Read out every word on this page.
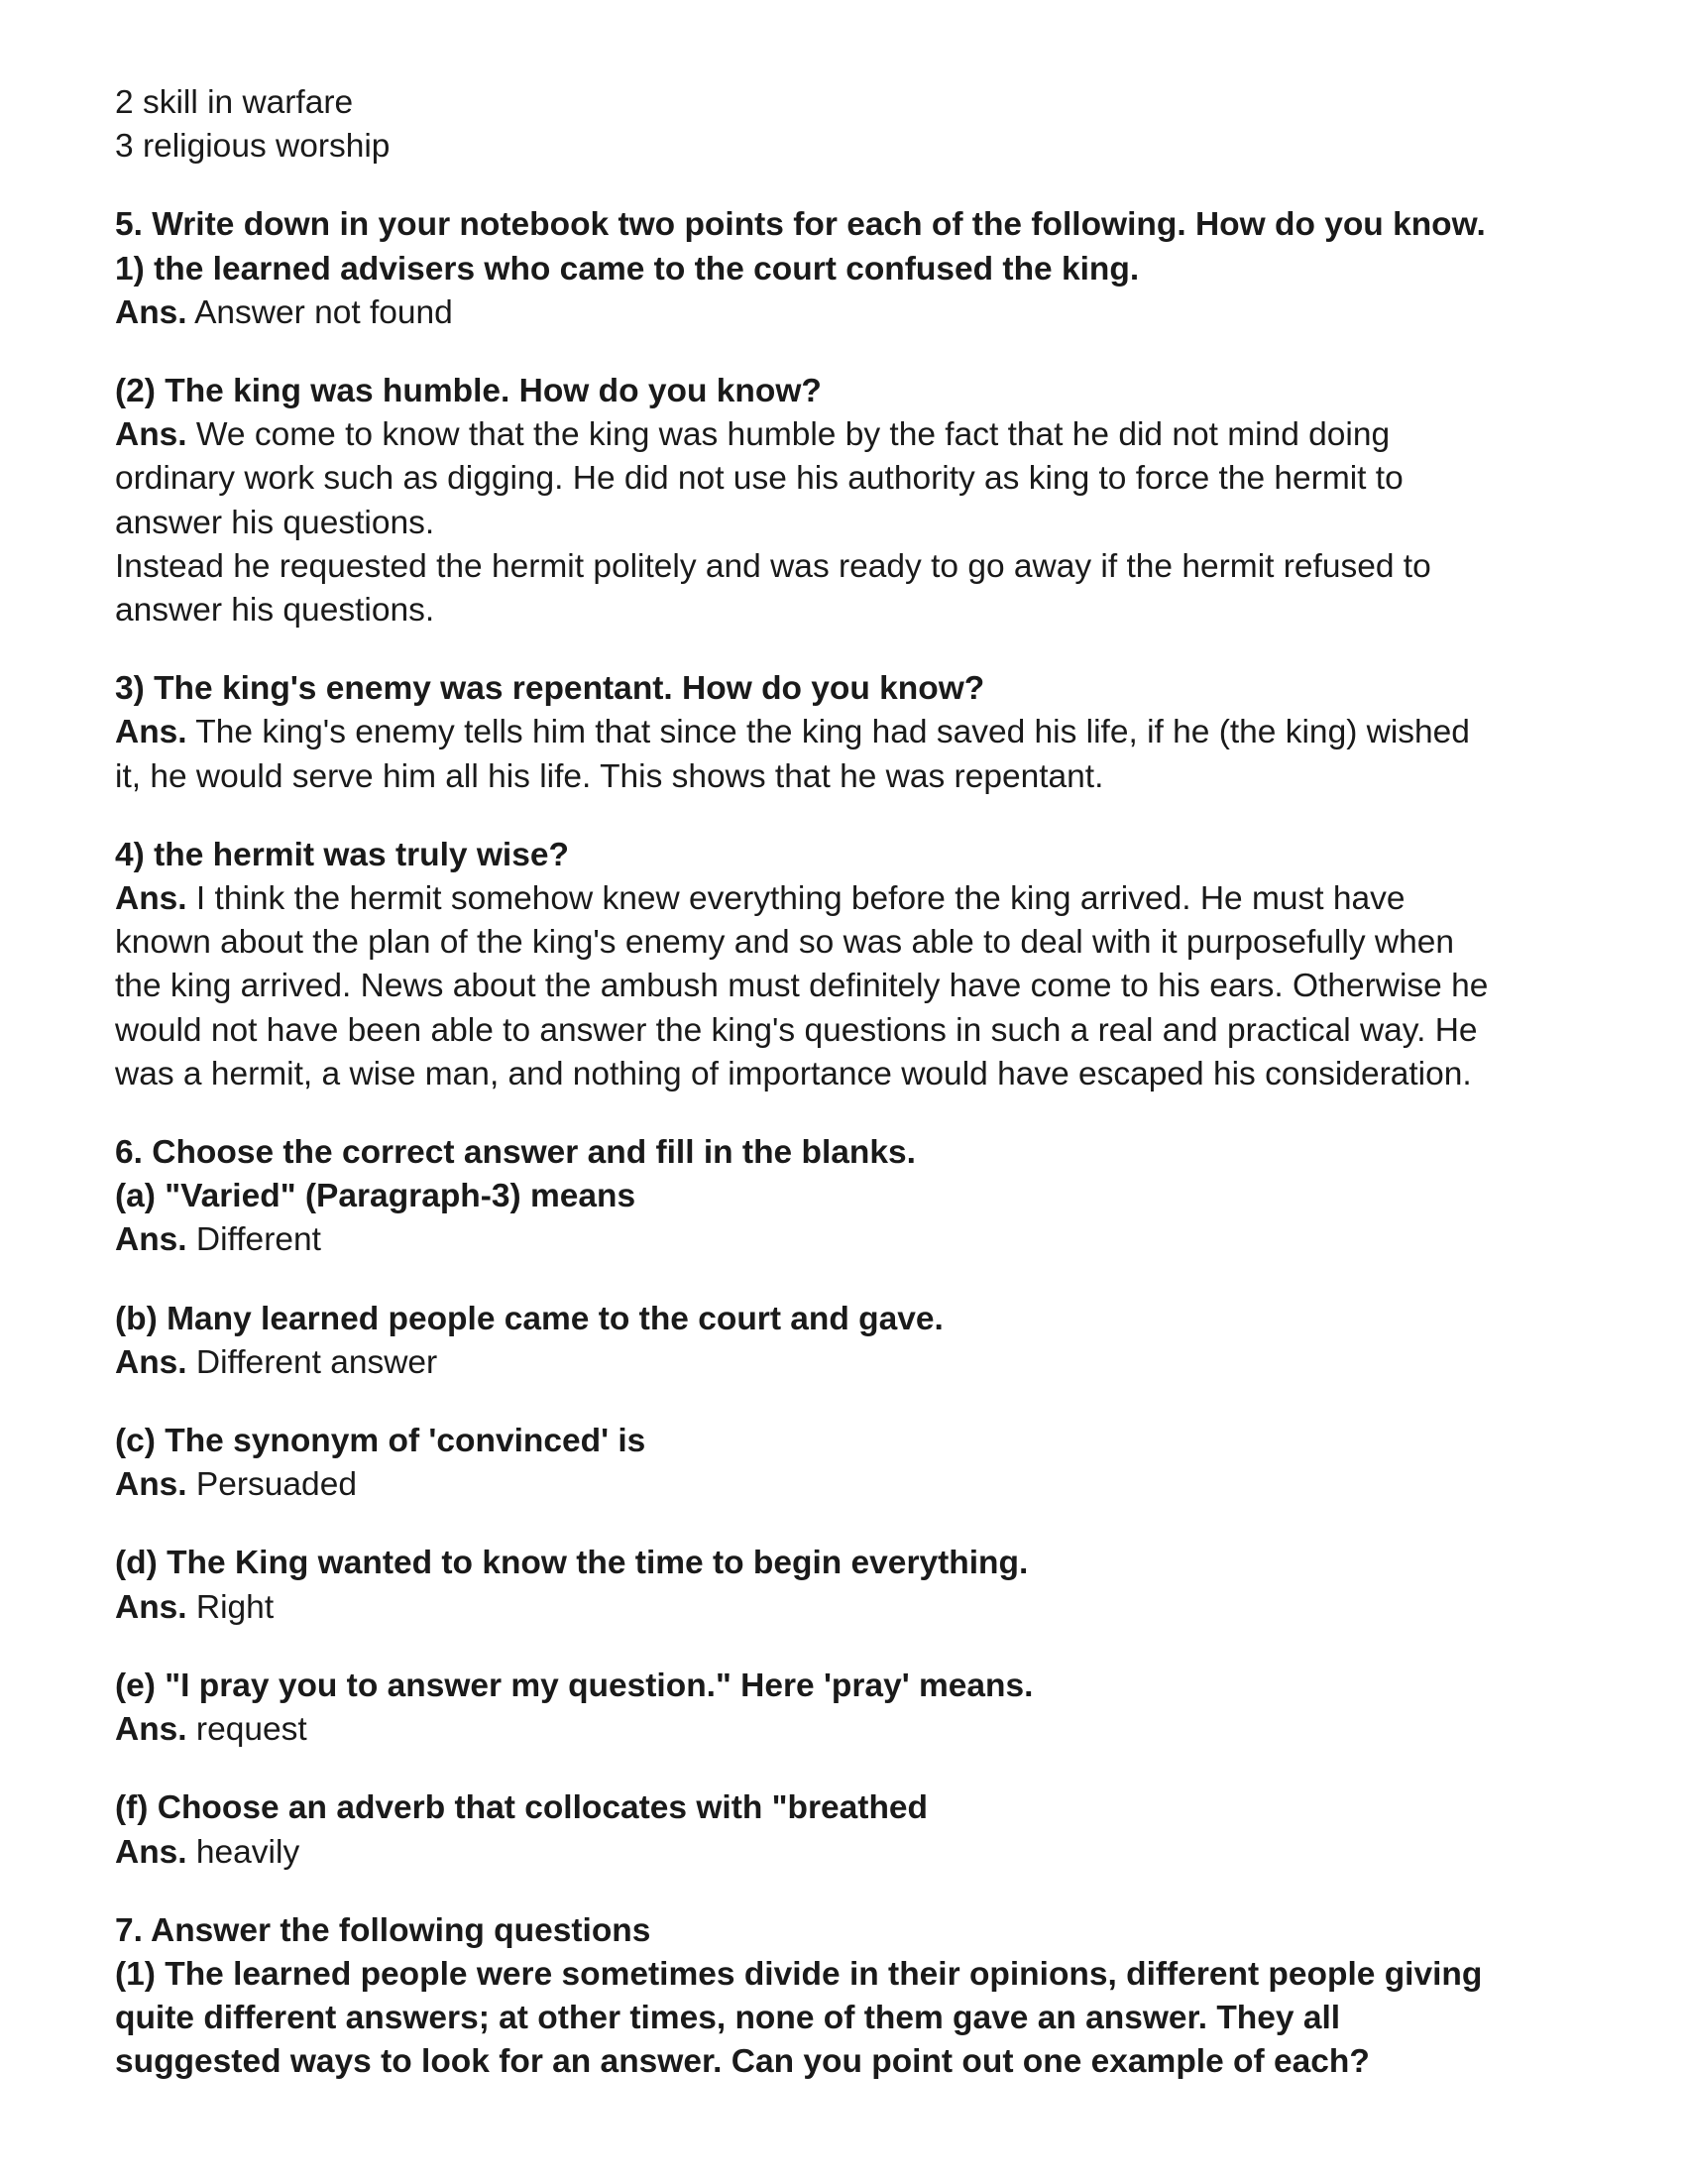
2 skill in warfare
3 religious worship
5. Write down in your notebook two points for each of the following. How do you know.
1) the learned advisers who came to the court confused the king.
Ans. Answer not found
(2) The king was humble. How do you know?
Ans. We come to know that the king was humble by the fact that he did not mind doing
ordinary work such as digging. He did not use his authority as king to force the hermit to
answer his questions.
Instead he requested the hermit politely and was ready to go away if the hermit refused to
answer his questions.
3) The king's enemy was repentant. How do you know?
Ans. The king's enemy tells him that since the king had saved his life, if he (the king) wished
it, he would serve him all his life. This shows that he was repentant.
4) the hermit was truly wise?
Ans. I think the hermit somehow knew everything before the king arrived. He must have
known about the plan of the king's enemy and so was able to deal with it purposefully when
the king arrived. News about the ambush must definitely have come to his ears. Otherwise he
would not have been able to answer the king's questions in such a real and practical way. He
was a hermit, a wise man, and nothing of importance would have escaped his consideration.
6. Choose the correct answer and fill in the blanks.
(a) "Varied" (Paragraph-3) means
Ans. Different
(b) Many learned people came to the court and gave.
Ans. Different answer
(c) The synonym of 'convinced' is
Ans. Persuaded
(d) The King wanted to know the time to begin everything.
Ans. Right
(e) "I pray you to answer my question." Here 'pray' means.
Ans. request
(f) Choose an adverb that collocates with "breathed
Ans. heavily
7. Answer the following questions
(1) The learned people were sometimes divide in their opinions, different people giving
quite different answers; at other times, none of them gave an answer. They all
suggested ways to look for an answer. Can you point out one example of each?
